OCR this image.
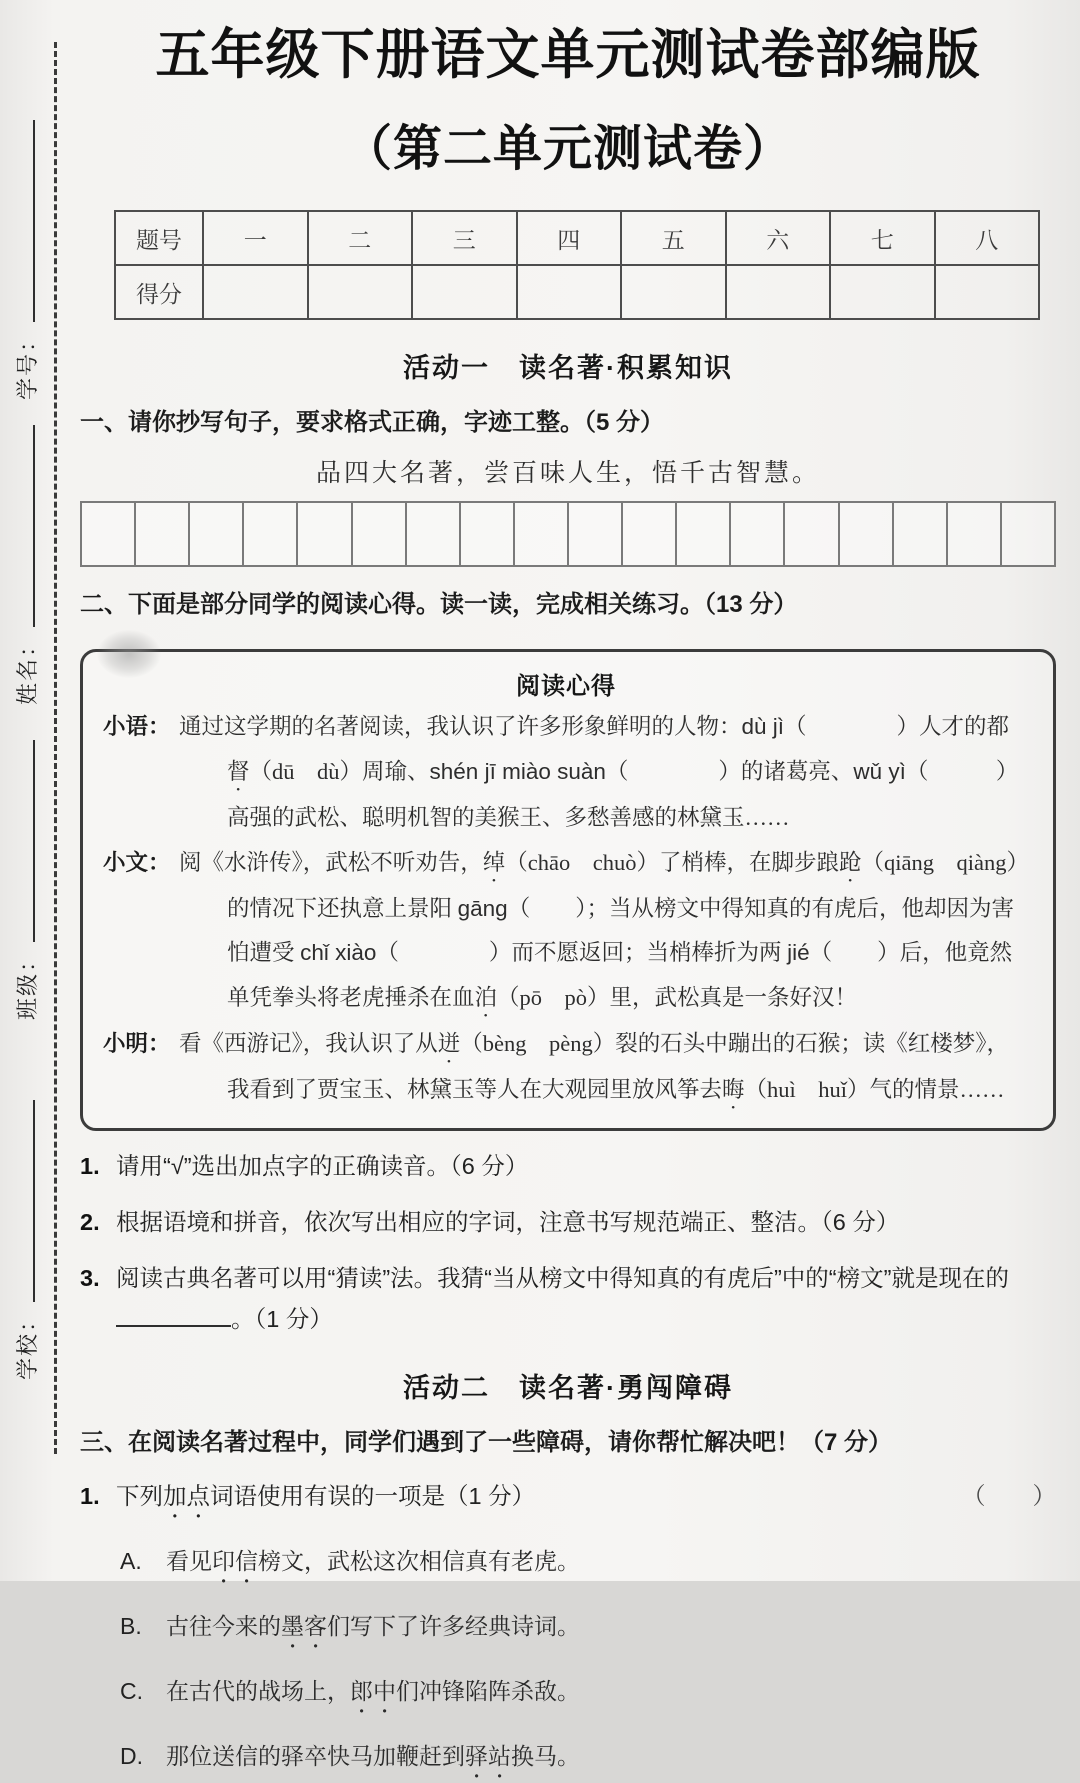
学号：
姓名：
班级：
学校：
五年级下册语文单元测试卷部编版
（第二单元测试卷）
题号	一	二	三	四	五	六	七	八
得分								
活动一　读名著·积累知识
一、请你抄写句子，要求格式正确，字迹工整。（5 分）
品四大名著，尝百味人生，悟千古智慧。
二、下面是部分同学的阅读心得。读一读，完成相关练习。（13 分）
阅读心得
小语： 通过这学期的名著阅读，我认识了许多形象鲜明的人物：dù jì（　　　　）人才的都督（dū　dù）周瑜、shén jī miào suàn（　　　　）的诸葛亮、wǔ yì（　　　）高强的武松、聪明机智的美猴王、多愁善感的林黛玉……
小文： 阅《水浒传》，武松不听劝告，绰（chāo　chuò）了梢棒，在脚步踉跄（qiāng　qiàng）的情况下还执意上景阳 gāng（　　）；当从榜文中得知真的有虎后，他却因为害怕遭受 chǐ xiào（　　　　）而不愿返回；当梢棒折为两 jié（　　）后，他竟然单凭拳头将老虎捶杀在血泊（pō　pò）里，武松真是一条好汉！
小明： 看《西游记》，我认识了从迸（bèng　pèng）裂的石头中蹦出的石猴；读《红楼梦》，我看到了贾宝玉、林黛玉等人在大观园里放风筝去晦（huì　huǐ）气的情景……
1. 请用“√”选出加点字的正确读音。（6 分）
2. 根据语境和拼音，依次写出相应的字词，注意书写规范端正、整洁。（6 分）
3. 阅读古典名著可以用“猜读”法。我猜“当从榜文中得知真的有虎后”中的“榜文”就是现在的。（1 分）
活动二　读名著·勇闯障碍
三、在阅读名著过程中，同学们遇到了一些障碍，请你帮忙解决吧！（7 分）
1. 下列加点词语使用有误的一项是（1 分）	（　　）
A.	看见印信榜文，武松这次相信真有老虎。
B.	古往今来的墨客们写下了许多经典诗词。
C.	在古代的战场上，郎中们冲锋陷阵杀敌。
D.	那位送信的驿卒快马加鞭赶到驿站换马。
